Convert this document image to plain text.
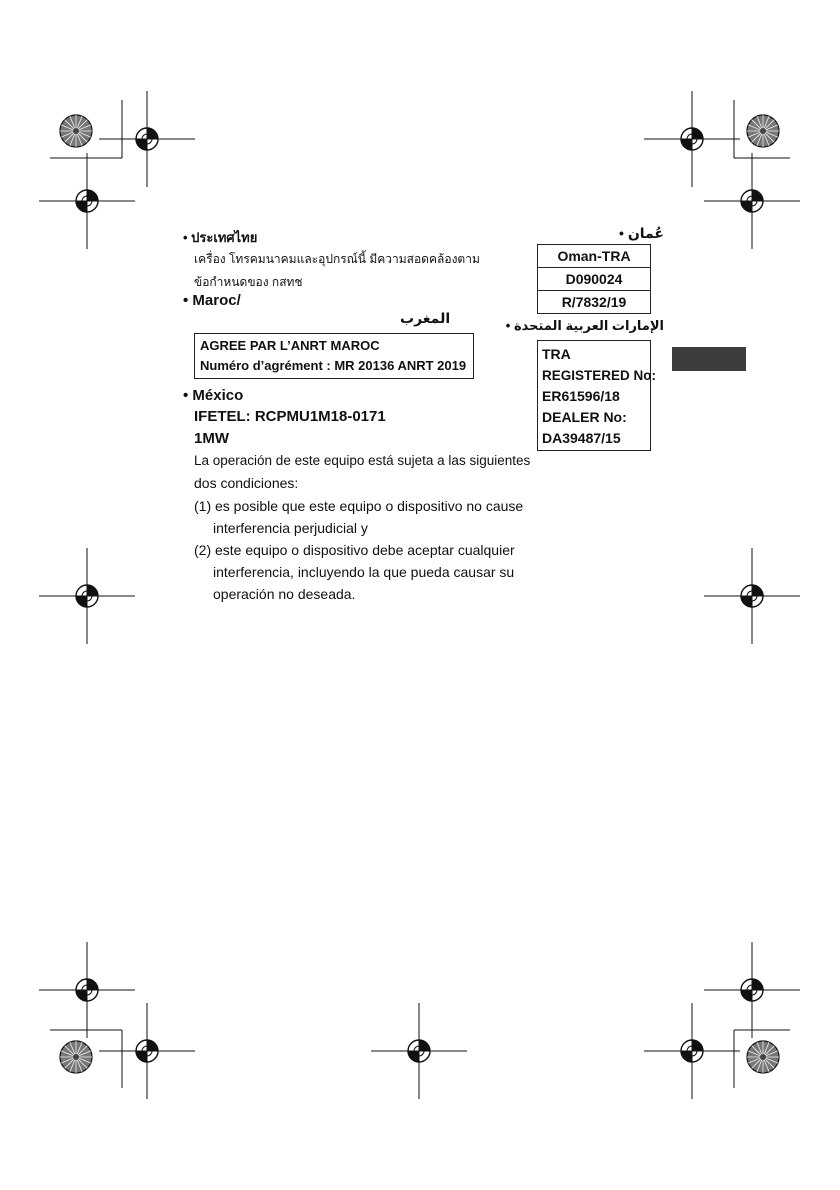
• ประเทศไทย
เครื่อง โทรคมนาคมและอุปกรณ์นี้ มีความสอดคล้องตาม
ข้อกำหนดของ กสทช
• Maroc/
المغرب
AGREE PAR L’ANRT MAROC
Numéro d’agrément : MR 20136 ANRT 2019
• México
IFETEL: RCPMU1M18-0171
1MW
La operación de este equipo está sujeta a las siguientes
dos condiciones:
(1) es posible que este equipo o dispositivo no cause
interferencia perjudicial y
(2) este equipo o dispositivo debe aceptar cualquier
interferencia, incluyendo la que pueda causar su
operación no deseada.
عُمان •
Oman-TRA
D090024
R/7832/19
الإمارات العربية المتحدة •
TRA
REGISTERED No:
ER61596/18
DEALER No:
DA39487/15
